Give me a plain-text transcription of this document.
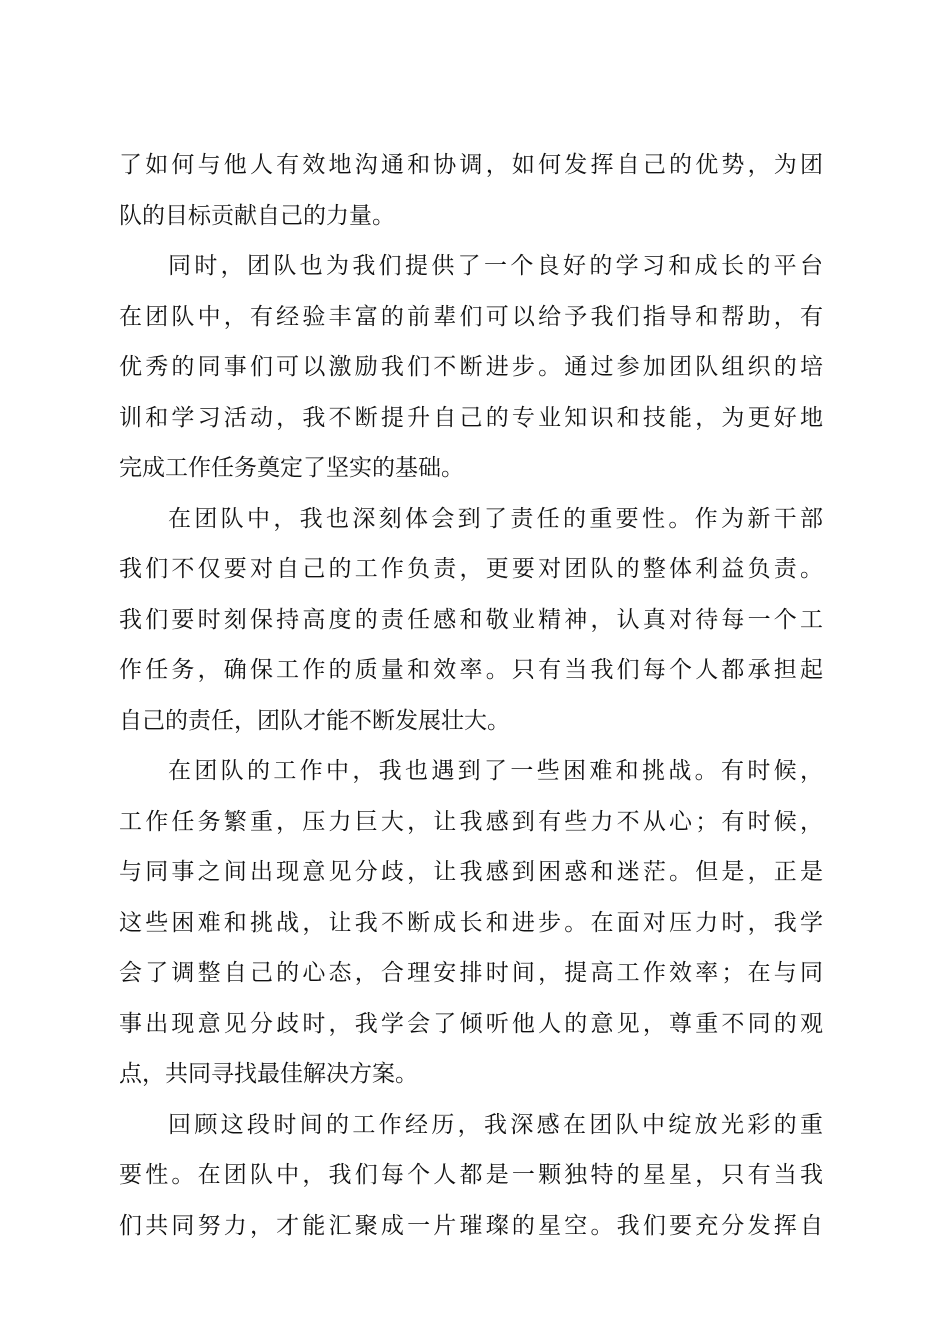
了如何与他人有效地沟通和协调，如何发挥自己的优势，为团
队的目标贡献自己的力量。
同时，团队也为我们提供了一个良好的学习和成长的平台
在团队中，有经验丰富的前辈们可以给予我们指导和帮助，有
优秀的同事们可以激励我们不断进步。通过参加团队组织的培
训和学习活动，我不断提升自己的专业知识和技能，为更好地
完成工作任务奠定了坚实的基础。
在团队中，我也深刻体会到了责任的重要性。作为新干部
我们不仅要对自己的工作负责，更要对团队的整体利益负责。
我们要时刻保持高度的责任感和敬业精神，认真对待每一个工
作任务，确保工作的质量和效率。只有当我们每个人都承担起
自己的责任，团队才能不断发展壮大。
在团队的工作中，我也遇到了一些困难和挑战。有时候，
工作任务繁重，压力巨大，让我感到有些力不从心；有时候，
与同事之间出现意见分歧，让我感到困惑和迷茫。但是，正是
这些困难和挑战，让我不断成长和进步。在面对压力时，我学
会了调整自己的心态，合理安排时间，提高工作效率；在与同
事出现意见分歧时，我学会了倾听他人的意见，尊重不同的观
点，共同寻找最佳解决方案。
回顾这段时间的工作经历，我深感在团队中绽放光彩的重
要性。在团队中，我们每个人都是一颗独特的星星，只有当我
们共同努力，才能汇聚成一片璀璨的星空。我们要充分发挥自
